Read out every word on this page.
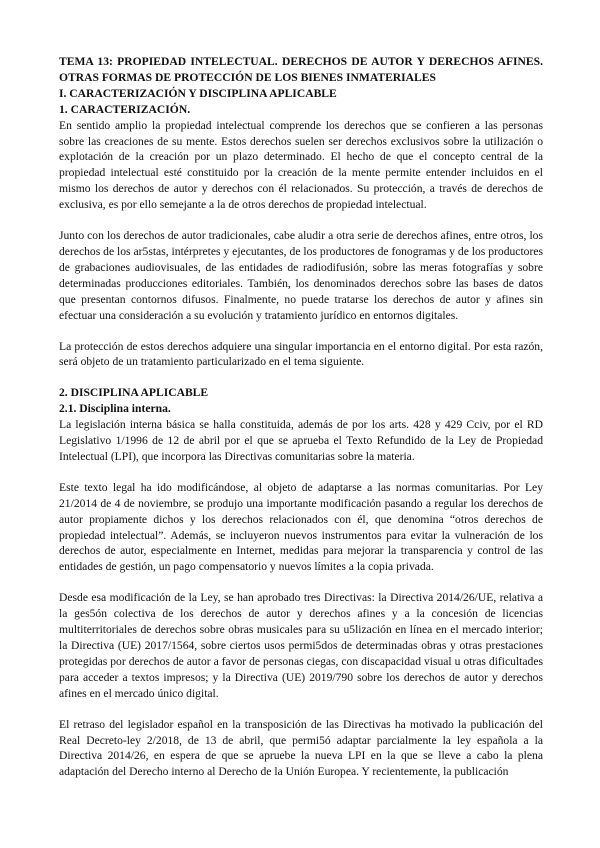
TEMA 13: PROPIEDAD INTELECTUAL. DERECHOS DE AUTOR Y DERECHOS AFINES. OTRAS FORMAS DE PROTECCIÓN DE LOS BIENES INMATERIALES

I. CARACTERIZACIÓN Y DISCIPLINA APLICABLE

1. CARACTERIZACIÓN.

En sentido amplio la propiedad intelectual comprende los derechos que se confieren a las personas sobre las creaciones de su mente. Estos derechos suelen ser derechos exclusivos sobre la utilización o explotación de la creación por un plazo determinado. El hecho de que el concepto central de la propiedad intelectual esté constituido por la creación de la mente permite entender incluidos en el mismo los derechos de autor y derechos con él relacionados. Su protección, a través de derechos de exclusiva, es por ello semejante a la de otros derechos de propiedad intelectual.

Junto con los derechos de autor tradicionales, cabe aludir a otra serie de derechos afines, entre otros, los derechos de los ar5stas, intérpretes y ejecutantes, de los productores de fonogramas y de los productores de grabaciones audiovisuales, de las entidades de radiodifusión, sobre las meras fotografías y sobre determinadas producciones editoriales. También, los denominados derechos sobre las bases de datos que presentan contornos difusos. Finalmente, no puede tratarse los derechos de autor y afines sin efectuar una consideración a su evolución y tratamiento jurídico en entornos digitales.

La protección de estos derechos adquiere una singular importancia en el entorno digital. Por esta razón, será objeto de un tratamiento particularizado en el tema siguiente.

2. DISCIPLINA APLICABLE

2.1. Disciplina interna.

La legislación interna básica se halla constituida, además de por los arts. 428 y 429 Cciv, por el RD Legislativo 1/1996 de 12 de abril por el que se aprueba el Texto Refundido de la Ley de Propiedad Intelectual (LPI), que incorpora las Directivas comunitarias sobre la materia.

Este texto legal ha ido modificándose, al objeto de adaptarse a las normas comunitarias. Por Ley 21/2014 de 4 de noviembre, se produjo una importante modificación pasando a regular los derechos de autor propiamente dichos y los derechos relacionados con él, que denomina “otros derechos de propiedad intelectual”. Además, se incluyeron nuevos instrumentos para evitar la vulneración de los derechos de autor, especialmente en Internet, medidas para mejorar la transparencia y control de las entidades de gestión, un pago compensatorio y nuevos límites a la copia privada.

Desde esa modificación de la Ley, se han aprobado tres Directivas: la Directiva 2014/26/UE, relativa a la ges5ón colectiva de los derechos de autor y derechos afines y a la concesión de licencias multiterritoriales de derechos sobre obras musicales para su u5lización en línea en el mercado interior; la Directiva (UE) 2017/1564, sobre ciertos usos permi5dos de determinadas obras y otras prestaciones protegidas por derechos de autor a favor de personas ciegas, con discapacidad visual u otras dificultades para acceder a textos impresos; y la Directiva (UE) 2019/790 sobre los derechos de autor y derechos afines en el mercado único digital.

El retraso del legislador español en la transposición de las Directivas ha motivado la publicación del Real Decreto-ley 2/2018, de 13 de abril, que permi5ó adaptar parcialmente la ley española a la Directiva 2014/26, en espera de que se apruebe la nueva LPI en la que se lleve a cabo la plena adaptación del Derecho interno al Derecho de la Unión Europea. Y recientemente, la publicación
